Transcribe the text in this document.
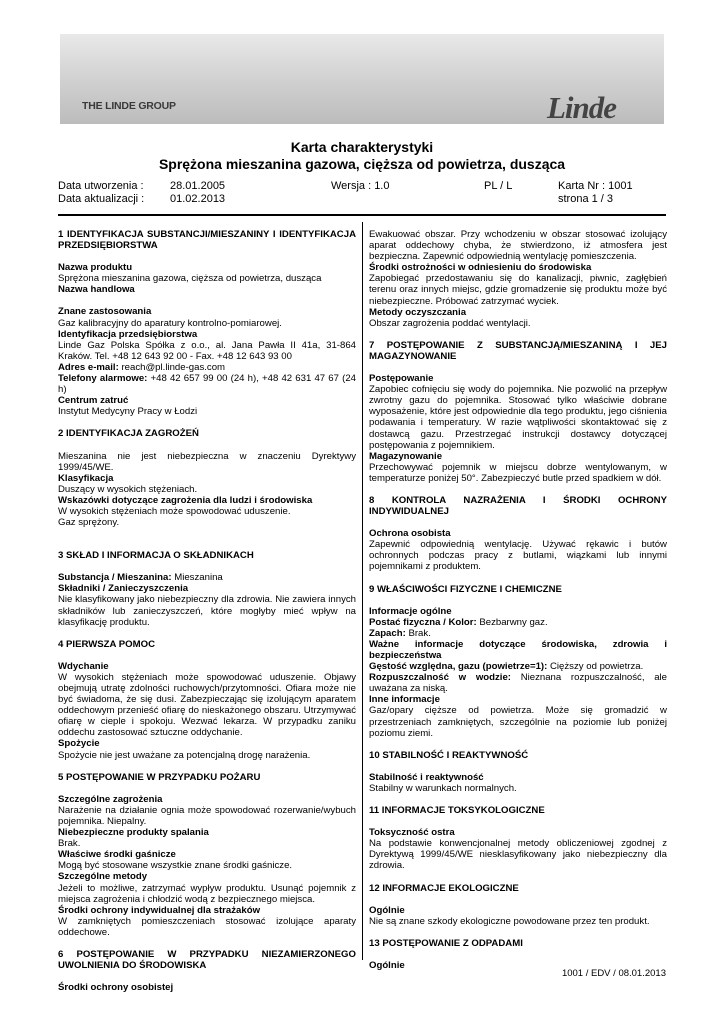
THE LINDE GROUP	Linde
Karta charakterystyki
Sprężona mieszanina gazowa, cięższa od powietrza, dusząca
Data utworzenia : 28.01.2005	Wersja : 1.0	PL / L	Karta Nr : 1001
Data aktualizacji : 01.02.2013	strona 1 / 3

1 IDENTYFIKACJA SUBSTANCJI/MIESZANINY I IDENTYFIKACJA PRZEDSIĘBIORSTWA

Nazwa produktu

Sprężona mieszanina gazowa, cięższa od powietrza, dusząca

Nazwa handlowa

Znane zastosowania

Gaz kalibracyjny do aparatury kontrolno-pomiarowej.

Identyfikacja przedsiębiorstwa

Linde Gaz Polska Spółka z o.o., al. Jana Pawła II 41a, 31-864 Kraków. Tel. +48 12 643 92 00 - Fax. +48 12 643 93 00

Adres e-mail: reach@pl.linde-gas.com

Telefony alarmowe: +48 42 657 99 00 (24 h), +48 42 631 47 67 (24 h)

Centrum zatruć

Instytut Medycyny Pracy w Łodzi

2 IDENTYFIKACJA ZAGROŻEŃ

Mieszanina nie jest niebezpieczna w znaczeniu Dyrektywy 1999/45/WE.

Klasyfikacja

Duszący w wysokich stężeniach.

Wskazówki dotyczące zagrożenia dla ludzi i środowiska

W wysokich stężeniach może spowodować uduszenie.

Gaz sprężony.

3 SKŁAD I INFORMACJA O SKŁADNIKACH

Substancja / Mieszanina: Mieszanina

Składniki / Zanieczyszczenia

Nie klasyfikowany jako niebezpieczny dla zdrowia. Nie zawiera innych składników lub zanieczyszczeń, które mogłyby mieć wpływ na klasyfikację produktu.

4 PIERWSZA POMOC

Wdychanie

W wysokich stężeniach może spowodować uduszenie. Objawy obejmują utratę zdolności ruchowych/przytomności. Ofiara może nie być świadoma, że się dusi. Zabezpieczając się izolującym aparatem oddechowym przenieść ofiarę do nieskażonego obszaru. Utrzymywać ofiarę w cieple i spokoju. Wezwać lekarza. W przypadku zaniku oddechu zastosować sztuczne oddychanie.

Spożycie

Spożycie nie jest uważane za potencjalną drogę narażenia.

5 POSTĘPOWANIE W PRZYPADKU POŻARU

Szczególne zagrożenia

Narażenie na działanie ognia może spowodować rozerwanie/wybuch pojemnika. Niepalny.

Niebezpieczne produkty spalania

Brak.

Właściwe środki gaśnicze

Mogą być stosowane wszystkie znane środki gaśnicze.

Szczególne metody

Jeżeli to możliwe, zatrzymać wypływ produktu. Usunąć pojemnik z miejsca zagrożenia i chłodzić wodą z bezpiecznego miejsca.

Środki ochrony indywidualnej dla strażaków

W zamkniętych pomieszczeniach stosować izolujące aparaty oddechowe.

6 POSTĘPOWANIE W PRZYPADKU NIEZAMIERZONEGO UWOLNIENIA DO ŚRODOWISKA

Środki ochrony osobistej

Ewakuować obszar. Przy wchodzeniu w obszar stosować izolujący aparat oddechowy chyba, że stwierdzono, iż atmosfera jest bezpieczna. Zapewnić odpowiednią wentylację pomieszczenia.

Środki ostrożności w odniesieniu do środowiska

Zapobiegać przedostawaniu się do kanalizacji, piwnic, zagłębień terenu oraz innych miejsc, gdzie gromadzenie się produktu może być niebezpieczne. Próbować zatrzymać wyciek.

Metody oczyszczania

Obszar zagrożenia poddać wentylacji.

7 POSTĘPOWANIE Z SUBSTANCJĄ/MIESZANINĄ I JEJ MAGAZYNOWANIE

Postępowanie

Zapobiec cofnięciu się wody do pojemnika. Nie pozwolić na przepływ zwrotny gazu do pojemnika. Stosować tylko właściwie dobrane wyposażenie, które jest odpowiednie dla tego produktu, jego ciśnienia podawania i temperatury. W razie wątpliwości skontaktować się z dostawcą gazu. Przestrzegać instrukcji dostawcy dotyczącej postępowania z pojemnikiem.

Magazynowanie

Przechowywać pojemnik w miejscu dobrze wentylowanym, w temperaturze poniżej 50°. Zabezpieczyć butle przed spadkiem w dół.

8 KONTROLA NAZRAŻENIA I ŚRODKI OCHRONY INDYWIDUALNEJ

Ochrona osobista

Zapewnić odpowiednią wentylację. Używać rękawic i butów ochronnych podczas pracy z butlami, wiązkami lub innymi pojemnikami z produktem.

9 WŁAŚCIWOŚCI FIZYCZNE I CHEMICZNE

Informacje ogólne

Postać fizyczna / Kolor: Bezbarwny gaz.

Zapach: Brak.

Ważne informacje dotyczące środowiska, zdrowia i bezpieczeństwa

Gęstość względna, gazu (powietrze=1): Cięższy od powietrza.

Rozpuszczalność w wodzie: Nieznana rozpuszczalność, ale uważana za niską.

Inne informacje

Gaz/opary cięższe od powietrza. Może się gromadzić w przestrzeniach zamkniętych, szczególnie na poziomie lub poniżej poziomu ziemi.

10 STABILNOŚĆ I REAKTYWNOŚĆ

Stabilność i reaktywność

Stabilny w warunkach normalnych.

11 INFORMACJE TOKSYKOLOGICZNE

Toksyczność ostra

Na podstawie konwencjonalnej metody obliczeniowej zgodnej z Dyrektywą 1999/45/WE niesklasyfikowany jako niebezpieczny dla zdrowia.

12 INFORMACJE EKOLOGICZNE

Ogólnie

Nie są znane szkody ekologiczne powodowane przez ten produkt.

13 POSTĘPOWANIE Z ODPADAMI

Ogólnie

1001 / EDV / 08.01.2013
